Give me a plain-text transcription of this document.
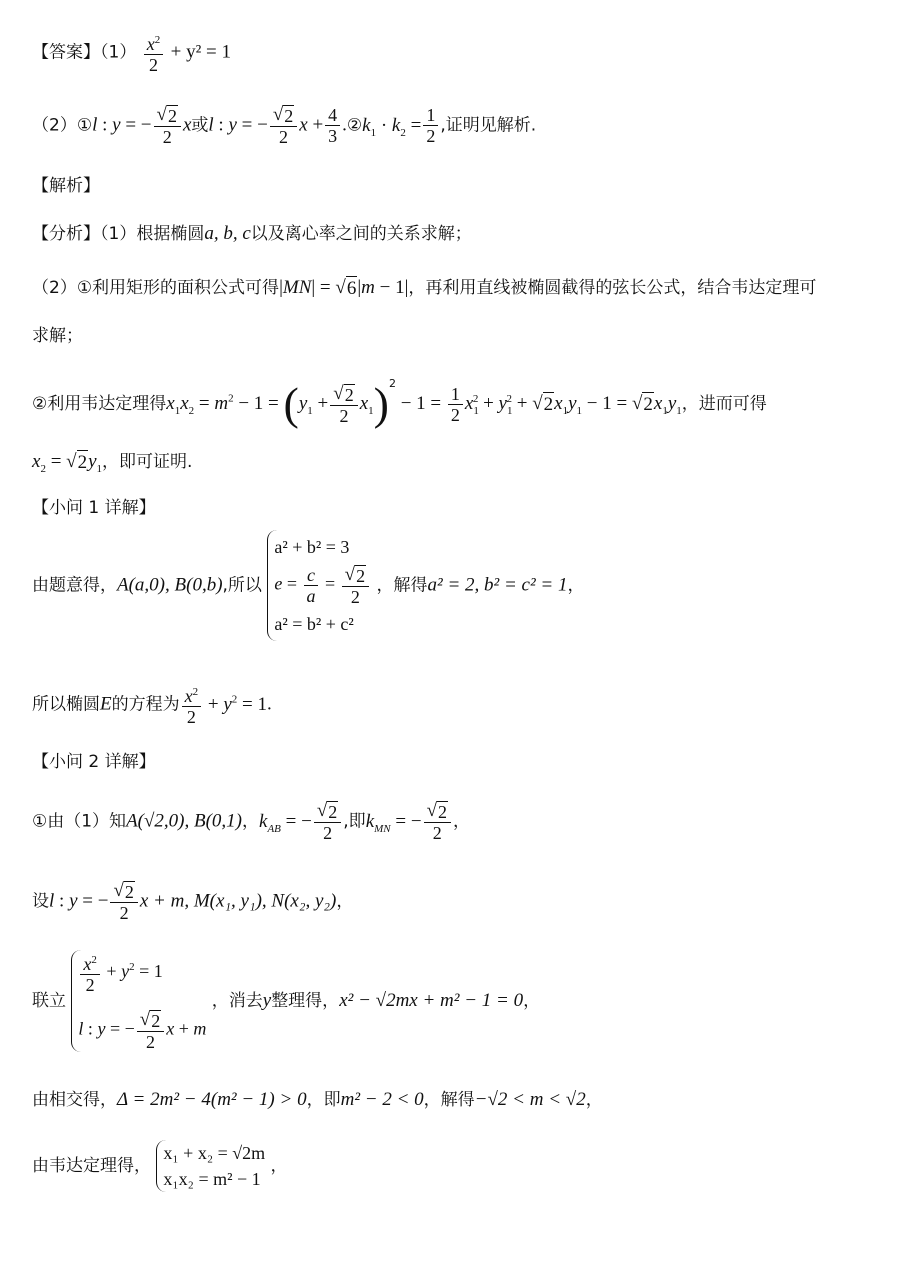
【答案】$(1) \frac{x^2}{2} + y^2 = 1$
（2）①l : y = − $\frac{√ 2}{2}$ x或l : y = − $\frac{√ 2}{2}$ $x + \frac{4}{3}$ $.②k_1 \cdot k_2 = \frac{1}{2}$ ,证明见解析.
【解析】
【分析】（1）根据椭圆a, b, c以及离心率之间的关系求解；
（2）①利用矩形的面积公式可得|MN| = √ 6 |m − 1|，再利用直线被椭圆截得的弦长公式，结合韦达定理可
求解；
②利用韦达定理得$x_1x_2 = m^2 - 1 = (y_1 + \frac{√ 2}{2} x_1)^2 - 1 = \frac{1}{2} x_1^2 + y_1^2$ + √ 2 $x_1y_1 - 1$ = √ 2 $x_1y_1$，进而可得
$x_2$ = √ 2 $y_1$，即可证明.
【小问 1 详解】
由题意得，A(a,0), B(0,b),所以
a² + b² = 3
$e = \frac{c}{a} = \frac{√ 2}{2}$
a² = b² + c²
，解得a² = 2, b² = c² = 1，
所以椭圆E的方程为 $\frac{x^2}{2} + y^2 = 1$.
【小问 2 详解】
①由（1）知A(√2,0), B(0,1)，$k_{AB}$ = − $\frac{√ 2}{2}$ ,即$k_{MN}$ = − $\frac{√ 2}{2}$ ，
设l : y = − $\frac{√ 2}{2}$ x + m, M(x₁, y₁), N(x₂, y₂)，
联立
$\frac{x^2}{2} + y^2 = 1$
l : y = − $\frac{√ 2}{2}$ x + m
，消去y整理得，x² − √2mx + m² − 1 = 0，
由相交得，Δ = 2m² − 4(m² − 1) > 0，即m² − 2 < 0，解得−√2 < m < √2，
由韦达定理得，
x₁ + x₂ = √2m
x₁x₂ = m² − 1
，
